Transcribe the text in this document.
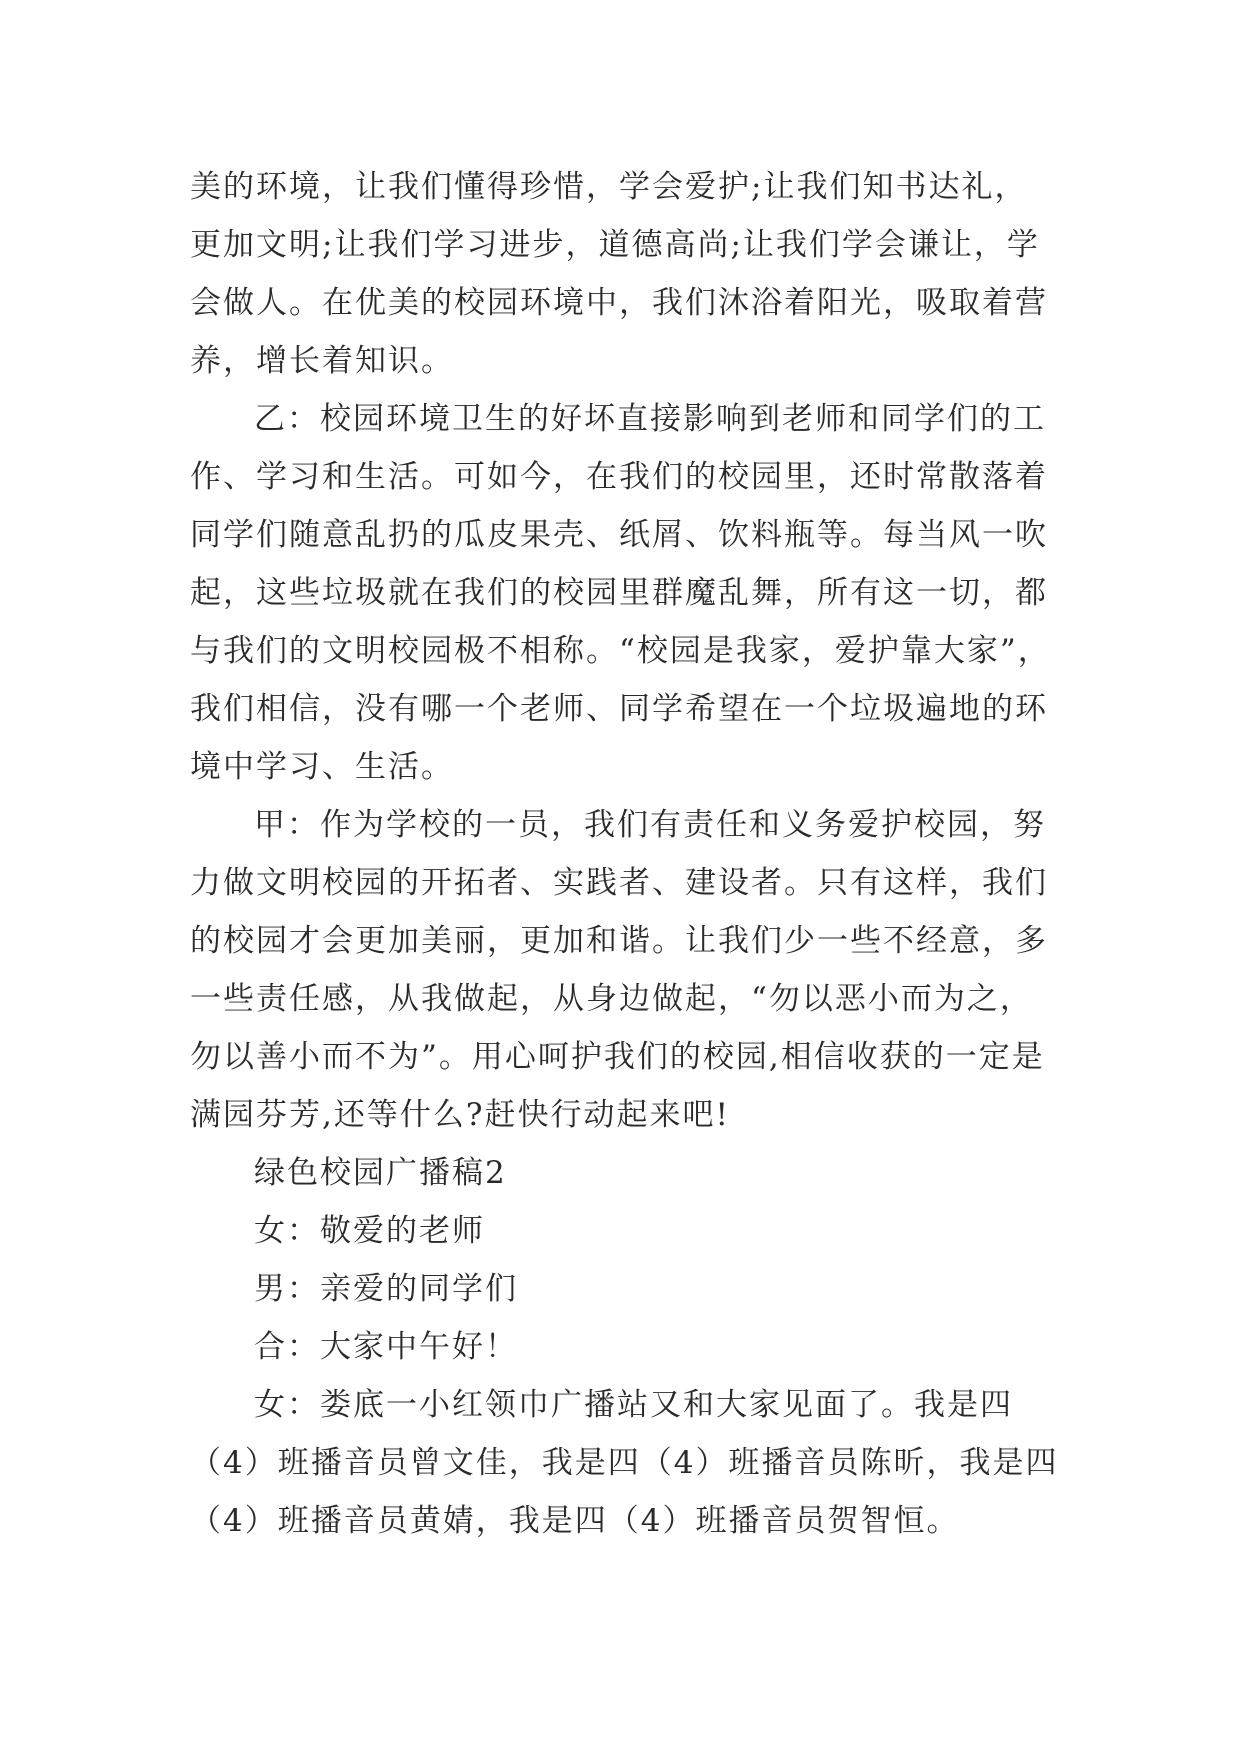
美的环境，让我们懂得珍惜，学会爱护;让我们知书达礼，
更加文明;让我们学习进步，道德高尚;让我们学会谦让，学
会做人。在优美的校园环境中，我们沐浴着阳光，吸取着营
养，增长着知识。
乙：校园环境卫生的好坏直接影响到老师和同学们的工
作、学习和生活。可如今，在我们的校园里，还时常散落着
同学们随意乱扔的瓜皮果壳、纸屑、饮料瓶等。每当风一吹
起，这些垃圾就在我们的校园里群魔乱舞，所有这一切，都
与我们的文明校园极不相称。“校园是我家，爱护靠大家”，
我们相信，没有哪一个老师、同学希望在一个垃圾遍地的环
境中学习、生活。
甲：作为学校的一员，我们有责任和义务爱护校园，努
力做文明校园的开拓者、实践者、建设者。只有这样，我们
的校园才会更加美丽，更加和谐。让我们少一些不经意，多
一些责任感，从我做起，从身边做起，“勿以恶小而为之，
勿以善小而不为”。用心呵护我们的校园,相信收获的一定是
满园芬芳,还等什么?赶快行动起来吧!
绿色校园广播稿2
女：敬爱的老师
男：亲爱的同学们
合：大家中午好！
女：娄底一小红领巾广播站又和大家见面了。我是四
（4）班播音员曾文佳，我是四（4）班播音员陈昕，我是四
（4）班播音员黄婧，我是四（4）班播音员贺智恒。
